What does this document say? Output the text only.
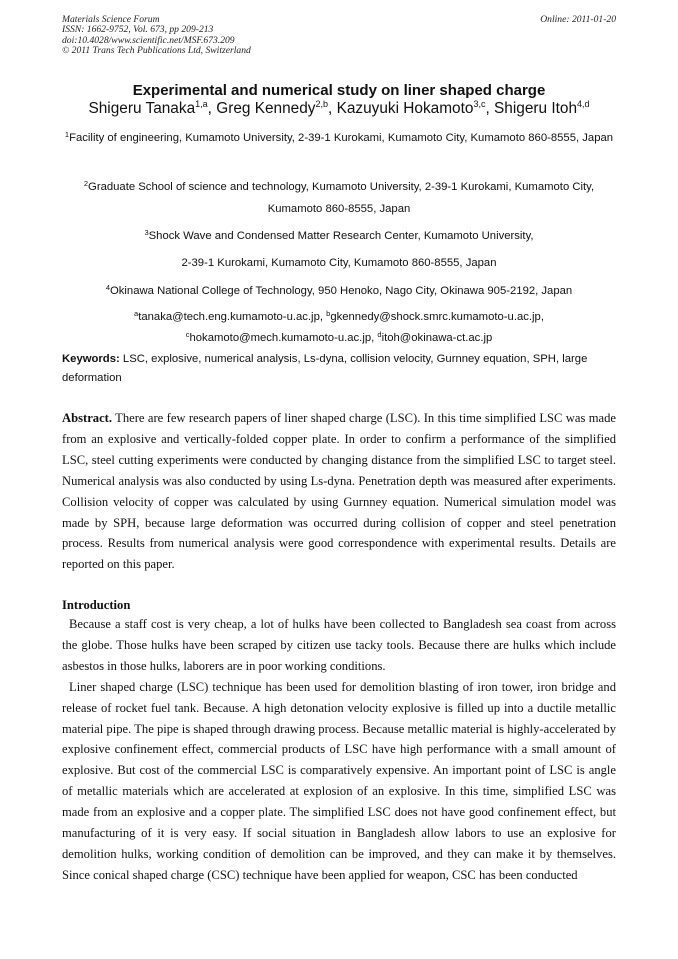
Materials Science Forum
ISSN: 1662-9752, Vol. 673, pp 209-213
doi:10.4028/www.scientific.net/MSF.673.209
© 2011 Trans Tech Publications Ltd, Switzerland
Online: 2011-01-20
Experimental and numerical study on liner shaped charge
Shigeru Tanaka$^{1,a}$, Greg Kennedy$^{2,b}$, Kazuyuki Hokamoto$^{3,c}$, Shigeru Itoh$^{4,d}$
$^1$Facility of engineering, Kumamoto University, 2-39-1 Kurokami, Kumamoto City, Kumamoto 860-8555, Japan
$^2$Graduate School of science and technology, Kumamoto University, 2-39-1 Kurokami, Kumamoto City, Kumamoto 860-8555, Japan
$^3$Shock Wave and Condensed Matter Research Center, Kumamoto University,
2-39-1 Kurokami, Kumamoto City, Kumamoto 860-8555, Japan
$^4$Okinawa National College of Technology, 950 Henoko, Nago City, Okinawa 905-2192, Japan
$^a$tanaka@tech.eng.kumamoto-u.ac.jp, $^b$gkennedy@shock.smrc.kumamoto-u.ac.jp,
$^c$hokamoto@mech.kumamoto-u.ac.jp, $^d$itoh@okinawa-ct.ac.jp
Keywords: LSC, explosive, numerical analysis, Ls-dyna, collision velocity, Gurnney equation, SPH, large deformation
Abstract. There are few research papers of liner shaped charge (LSC). In this time simplified LSC was made from an explosive and vertically-folded copper plate. In order to confirm a performance of the simplified LSC, steel cutting experiments were conducted by changing distance from the simplified LSC to target steel. Numerical analysis was also conducted by using Ls-dyna. Penetration depth was measured after experiments. Collision velocity of copper was calculated by using Gurnney equation. Numerical simulation model was made by SPH, because large deformation was occurred during collision of copper and steel penetration process. Results from numerical analysis were good correspondence with experimental results. Details are reported on this paper.
Introduction

Because a staff cost is very cheap, a lot of hulks have been collected to Bangladesh sea coast from across the globe. Those hulks have been scraped by citizen use tacky tools. Because there are hulks which include asbestos in those hulks, laborers are in poor working conditions.

Liner shaped charge (LSC) technique has been used for demolition blasting of iron tower, iron bridge and release of rocket fuel tank. Because. A high detonation velocity explosive is filled up into a ductile metallic material pipe. The pipe is shaped through drawing process. Because metallic material is highly-accelerated by explosive confinement effect, commercial products of LSC have high performance with a small amount of explosive. But cost of the commercial LSC is comparatively expensive. An important point of LSC is angle of metallic materials which are accelerated at explosion of an explosive. In this time, simplified LSC was made from an explosive and a copper plate. The simplified LSC does not have good confinement effect, but manufacturing of it is very easy. If social situation in Bangladesh allow labors to use an explosive for demolition hulks, working condition of demolition can be improved, and they can make it by themselves. Since conical shaped charge (CSC) technique have been applied for weapon, CSC has been conducted
